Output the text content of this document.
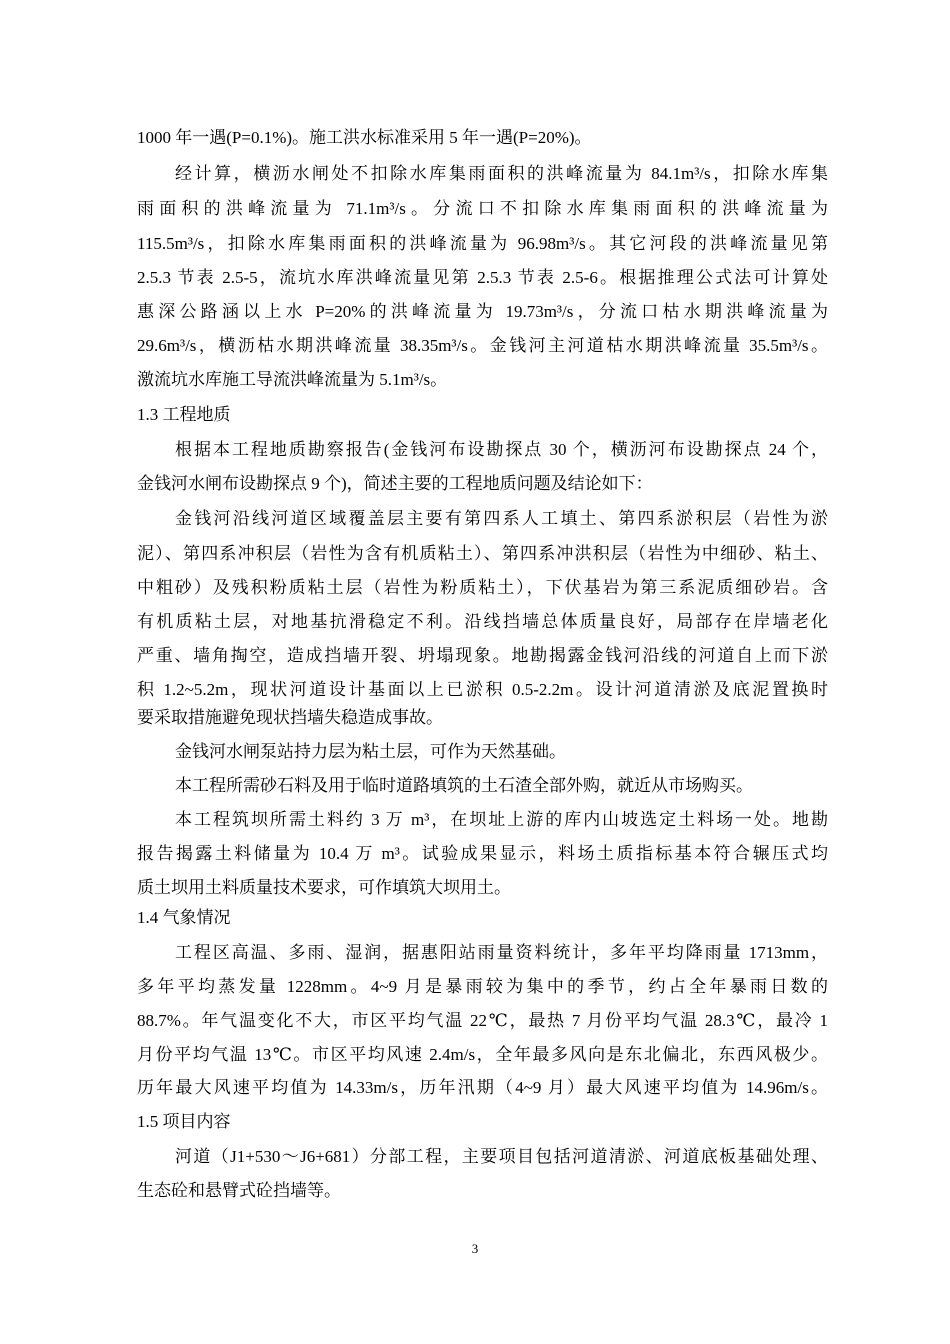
1000 年一遇(P=0.1%)。施工洪水标准采用 5 年一遇(P=20%)。
经计算，横沥水闸处不扣除水库集雨面积的洪峰流量为 84.1m³/s，扣除水库集
雨面积的洪峰流量为 71.1m³/s。分流口不扣除水库集雨面积的洪峰流量为
115.5m³/s，扣除水库集雨面积的洪峰流量为 96.98m³/s。其它河段的洪峰流量见第
2.5.3 节表 2.5-5，流坑水库洪峰流量见第 2.5.3 节表 2.5-6。根据推理公式法可计算处
惠深公路涵以上水 P=20%的洪峰流量为 19.73m³/s，分流口枯水期洪峰流量为
29.6m³/s，横沥枯水期洪峰流量 38.35m³/s。金钱河主河道枯水期洪峰流量 35.5m³/s。
激流坑水库施工导流洪峰流量为 5.1m³/s。
1.3 工程地质
根据本工程地质勘察报告(金钱河布设勘探点 30 个，横沥河布设勘探点 24 个，
金钱河水闸布设勘探点 9 个)，简述主要的工程地质问题及结论如下：
金钱河沿线河道区域覆盖层主要有第四系人工填土、第四系淤积层（岩性为淤
泥）、第四系冲积层（岩性为含有机质粘土）、第四系冲洪积层（岩性为中细砂、粘土、
中粗砂）及残积粉质粘土层（岩性为粉质粘土），下伏基岩为第三系泥质细砂岩。含
有机质粘土层，对地基抗滑稳定不利。沿线挡墙总体质量良好，局部存在岸墙老化
严重、墙角掏空，造成挡墙开裂、坍塌现象。地勘揭露金钱河沿线的河道自上而下淤
积 1.2~5.2m，现状河道设计基面以上已淤积 0.5-2.2m。设计河道清淤及底泥置换时
要采取措施避免现状挡墙失稳造成事故。
金钱河水闸泵站持力层为粘土层，可作为天然基础。
本工程所需砂石料及用于临时道路填筑的土石渣全部外购，就近从市场购买。
本工程筑坝所需土料约 3 万 m³，在坝址上游的库内山坡选定土料场一处。地勘
报告揭露土料储量为 10.4 万 m³。试验成果显示，料场土质指标基本符合辗压式均
质土坝用土料质量技术要求，可作填筑大坝用土。
1.4 气象情况
工程区高温、多雨、湿润，据惠阳站雨量资料统计，多年平均降雨量 1713mm，
多年平均蒸发量 1228mm。4~9 月是暴雨较为集中的季节，约占全年暴雨日数的
88.7%。年气温变化不大，市区平均气温 22℃，最热 7 月份平均气温 28.3℃，最冷 1
月份平均气温 13℃。市区平均风速 2.4m/s，全年最多风向是东北偏北，东西风极少。
历年最大风速平均值为 14.33m/s，历年汛期（4~9 月）最大风速平均值为 14.96m/s。
1.5 项目内容
河道（J1+530～J6+681）分部工程，主要项目包括河道清淤、河道底板基础处理、
生态砼和悬臂式砼挡墙等。
3
